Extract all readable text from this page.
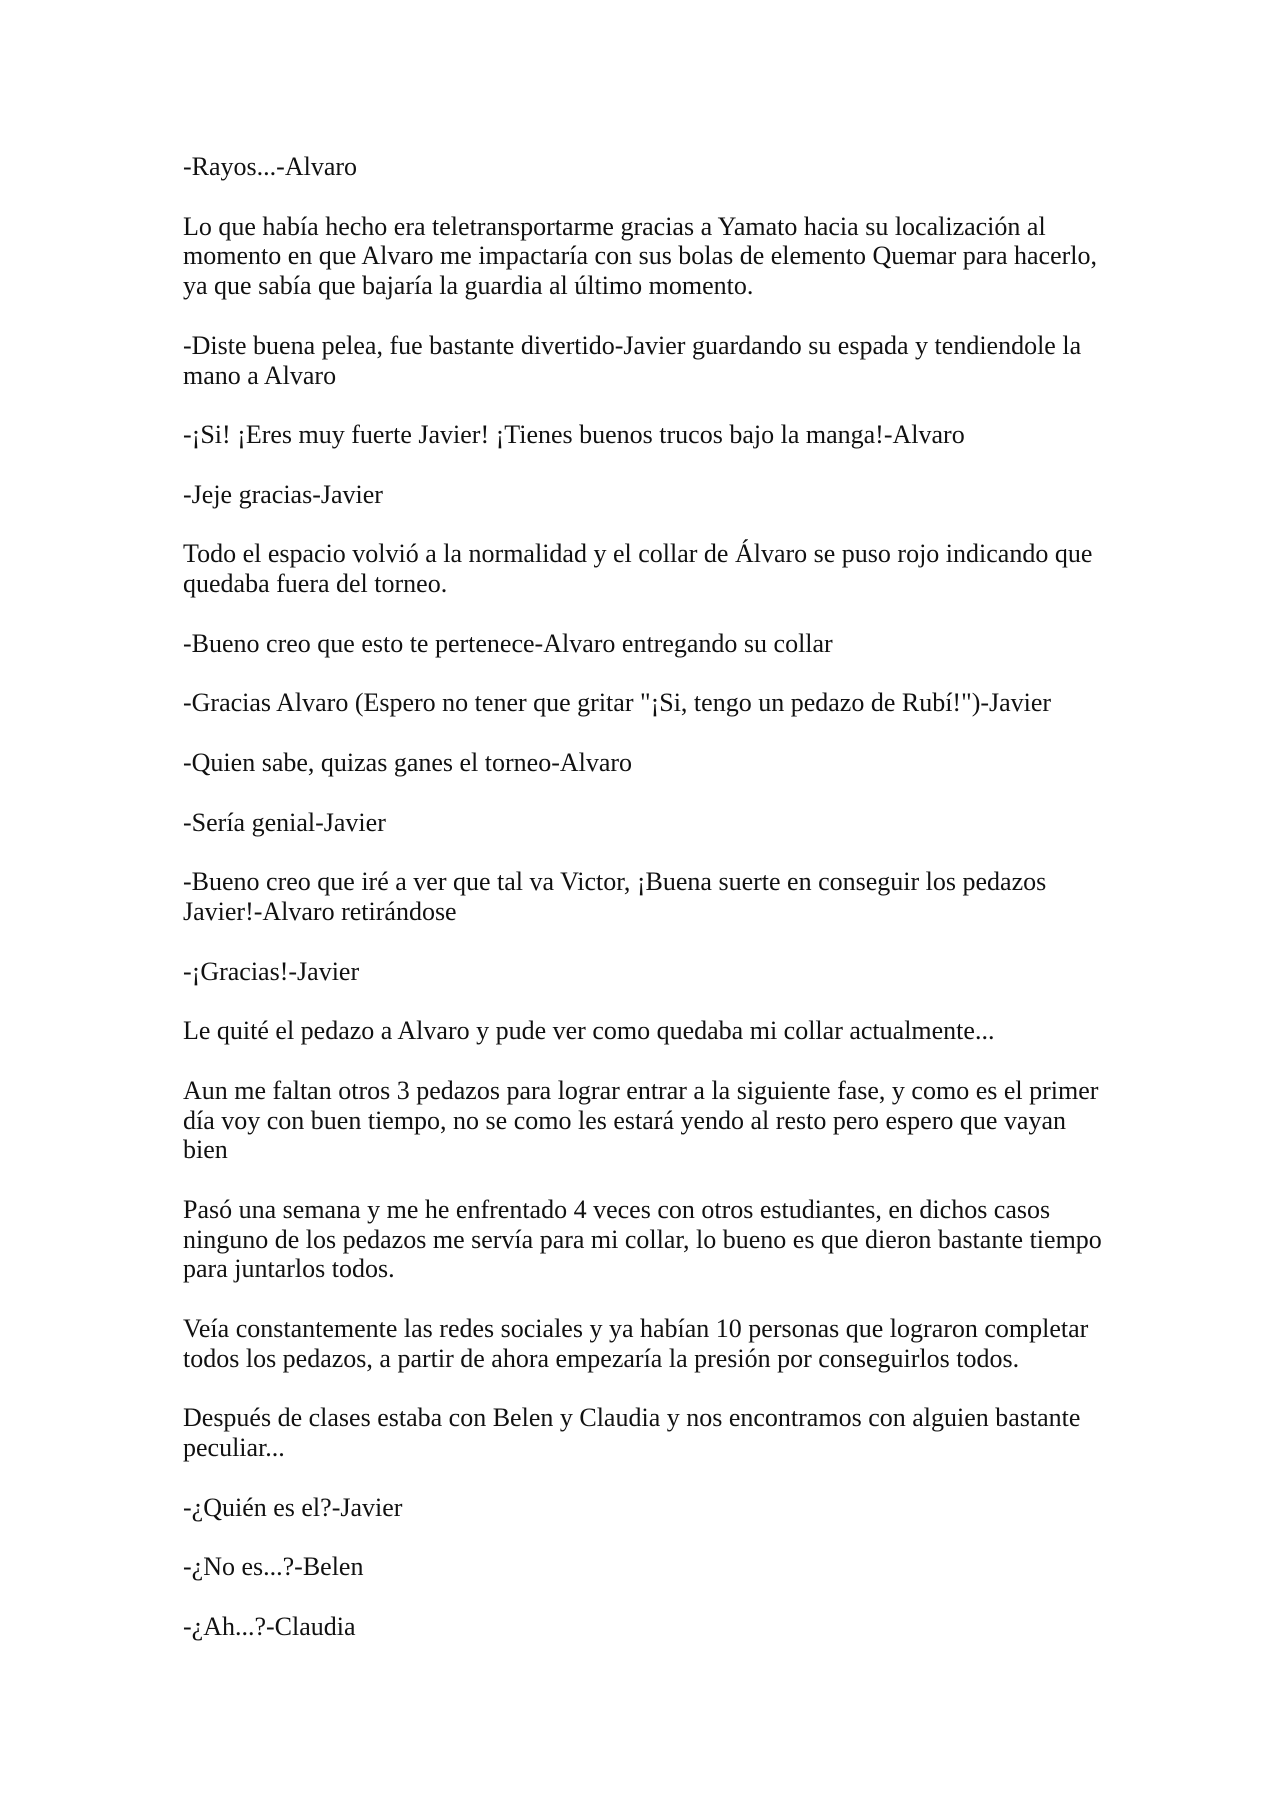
-Rayos...-Alvaro

Lo que había hecho era teletransportarme gracias a Yamato hacia su localización al
momento en que Alvaro me impactaría con sus bolas de elemento Quemar para hacerlo,
ya que sabía que bajaría la guardia al último momento.

-Diste buena pelea, fue bastante divertido-Javier guardando su espada y tendiendole la
mano a Alvaro

-¡Si! ¡Eres muy fuerte Javier! ¡Tienes buenos trucos bajo la manga!-Alvaro

-Jeje gracias-Javier

Todo el espacio volvió a la normalidad y el collar de Álvaro se puso rojo indicando que
quedaba fuera del torneo.

-Bueno creo que esto te pertenece-Alvaro entregando su collar

-Gracias Alvaro (Espero no tener que gritar "¡Si, tengo un pedazo de Rubí!")-Javier

-Quien sabe, quizas ganes el torneo-Alvaro

-Sería genial-Javier

-Bueno creo que iré a ver que tal va Victor, ¡Buena suerte en conseguir los pedazos
Javier!-Alvaro retirándose

-¡Gracias!-Javier

Le quité el pedazo a Alvaro y pude ver como quedaba mi collar actualmente...

Aun me faltan otros 3 pedazos para lograr entrar a la siguiente fase, y como es el primer
día voy con buen tiempo, no se como les estará yendo al resto pero espero que vayan
bien

Pasó una semana y me he enfrentado 4 veces con otros estudiantes, en dichos casos
ninguno de los pedazos me servía para mi collar, lo bueno es que dieron bastante tiempo
para juntarlos todos.

Veía constantemente las redes sociales y ya habían 10 personas que lograron completar
todos los pedazos, a partir de ahora empezaría la presión por conseguirlos todos.

Después de clases estaba con Belen y Claudia y nos encontramos con alguien bastante
peculiar...

-¿Quién es el?-Javier

-¿No es...?-Belen

-¿Ah...?-Claudia
